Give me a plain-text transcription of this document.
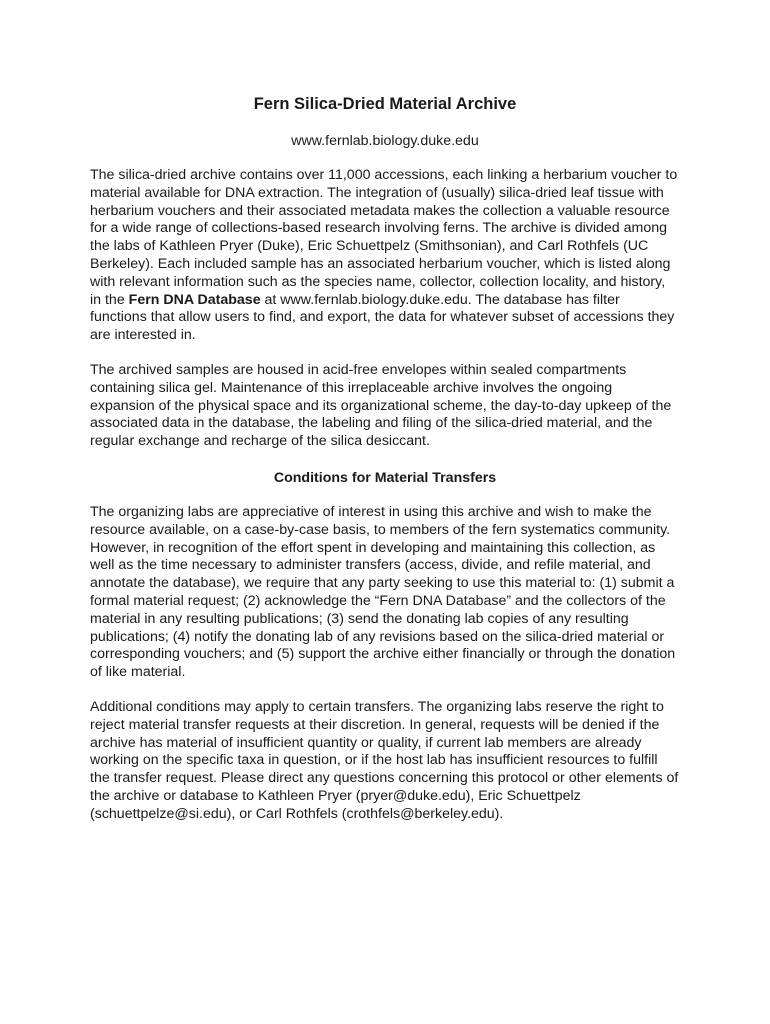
Fern Silica-Dried Material Archive

www.fernlab.biology.duke.edu

The silica-dried archive contains over 11,000 accessions, each linking a herbarium voucher to material available for DNA extraction. The integration of (usually) silica-dried leaf tissue with herbarium vouchers and their associated metadata makes the collection a valuable resource for a wide range of collections-based research involving ferns. The archive is divided among the labs of Kathleen Pryer (Duke), Eric Schuettpelz (Smithsonian), and Carl Rothfels (UC Berkeley). Each included sample has an associated herbarium voucher, which is listed along with relevant information such as the species name, collector, collection locality, and history, in the Fern DNA Database at www.fernlab.biology.duke.edu. The database has filter functions that allow users to find, and export, the data for whatever subset of accessions they are interested in.

The archived samples are housed in acid-free envelopes within sealed compartments containing silica gel. Maintenance of this irreplaceable archive involves the ongoing expansion of the physical space and its organizational scheme, the day-to-day upkeep of the associated data in the database, the labeling and filing of the silica-dried material, and the regular exchange and recharge of the silica desiccant.

Conditions for Material Transfers

The organizing labs are appreciative of interest in using this archive and wish to make the resource available, on a case-by-case basis, to members of the fern systematics community. However, in recognition of the effort spent in developing and maintaining this collection, as well as the time necessary to administer transfers (access, divide, and refile material, and annotate the database), we require that any party seeking to use this material to: (1) submit a formal material request; (2) acknowledge the “Fern DNA Database” and the collectors of the material in any resulting publications; (3) send the donating lab copies of any resulting publications; (4) notify the donating lab of any revisions based on the silica-dried material or corresponding vouchers; and (5) support the archive either financially or through the donation of like material.

Additional conditions may apply to certain transfers. The organizing labs reserve the right to reject material transfer requests at their discretion. In general, requests will be denied if the archive has material of insufficient quantity or quality, if current lab members are already working on the specific taxa in question, or if the host lab has insufficient resources to fulfill the transfer request. Please direct any questions concerning this protocol or other elements of the archive or database to Kathleen Pryer (pryer@duke.edu), Eric Schuettpelz (schuettpelze@si.edu), or Carl Rothfels (crothfels@berkeley.edu).
